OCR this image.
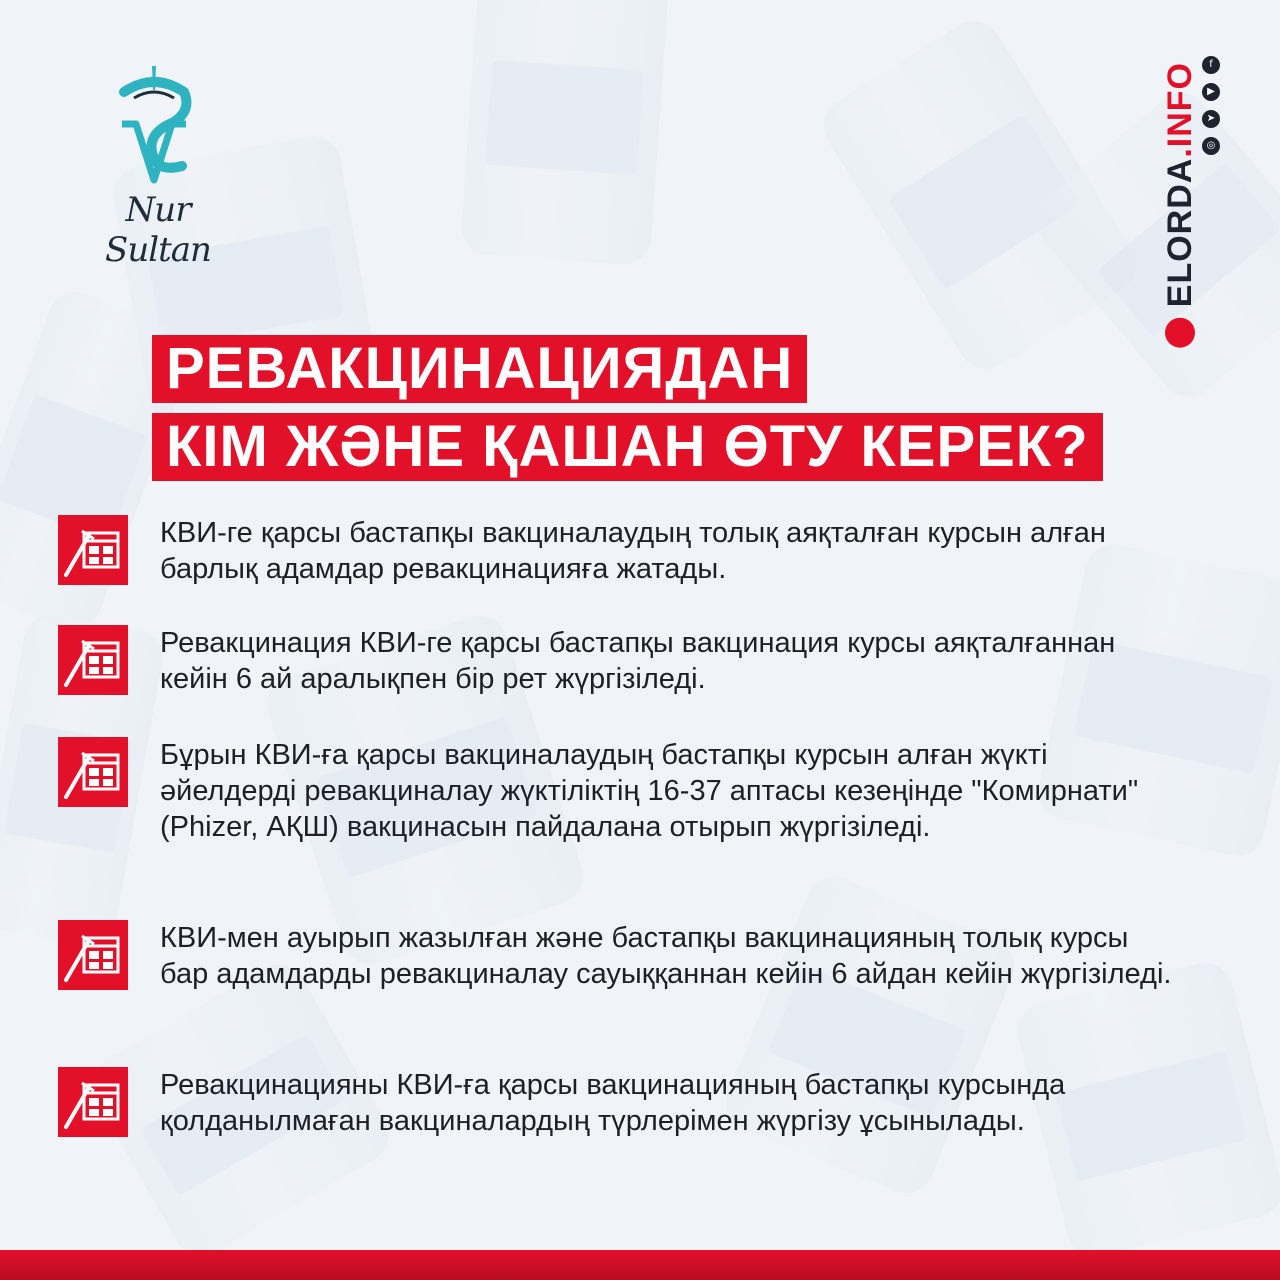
Nur Sultan	ELORDA.INFO	f
▶
➤
◎
РЕВАКЦИНАЦИЯДАН
КІМ ЖӘНЕ ҚАШАН ӨТУ КЕРЕК?
КВИ-ге қарсы бастапқы вакциналаудың толық аяқталған курсын алған барлық адамдар ревакцинацияға жатады.
Ревакцинация КВИ-ге қарсы бастапқы вакцинация курсы аяқталғаннан кейін 6 ай аралықпен бір рет жүргізіледі.
Бұрын КВИ-ға қарсы вакциналаудың бастапқы курсын алған жүкті әйелдерді ревакциналау жүктіліктің 16-37 аптасы кезеңінде "Комирнати" (Phizer, АҚШ) вакцинасын пайдалана отырып жүргізіледі.
КВИ-мен ауырып жазылған және бастапқы вакцинацияның толық курсы бар адамдарды ревакциналау сауыққаннан кейін 6 айдан кейін жүргізіледі.
Ревакцинацияны КВИ-ға қарсы вакцинацияның бастапқы курсында қолданылмаған вакциналардың түрлерімен жүргізу ұсынылады.
